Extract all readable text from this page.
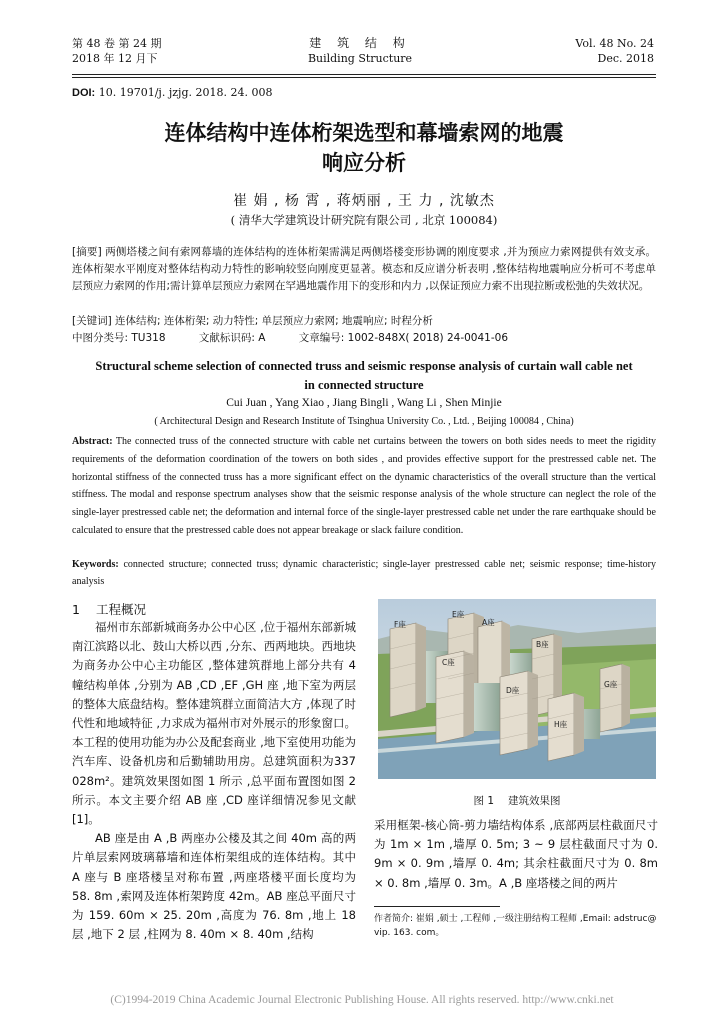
第 48 卷 第 24 期
2018 年 12 月下
建 筑 结 构
Building Structure
Vol. 48 No. 24
Dec. 2018
DOI: 10. 19701/j. jzjg. 2018. 24. 008
连体结构中连体桁架选型和幕墙索网的地震
响应分析
崔 娟 , 杨 霄 , 蒋炳丽 , 王 力 , 沈敏杰
( 清华大学建筑设计研究院有限公司 , 北京 100084)
[摘要] 两侧塔楼之间有索网幕墙的连体结构的连体桁架需满足两侧塔楼变形协调的刚度要求 ,并为预应力索网提供有效支承。连体桁架水平刚度对整体结构动力特性的影响较竖向刚度更显著。模态和反应谱分析表明 ,整体结构地震响应分析可不考虑单层预应力索网的作用;需计算单层预应力索网在罕遇地震作用下的变形和内力 ,以保证预应力索不出现拉断或松弛的失效状况。
[关键词] 连体结构; 连体桁架; 动力特性; 单层预应力索网; 地震响应; 时程分析
中图分类号: TU318	文献标识码: A	文章编号: 1002-848X( 2018) 24-0041-06
Structural scheme selection of connected truss and seismic response analysis of curtain wall cable net in connected structure
Cui Juan , Yang Xiao , Jiang Bingli , Wang Li , Shen Minjie
( Architectural Design and Research Institute of Tsinghua University Co. , Ltd. , Beijing 100084 , China)
Abstract: The connected truss of the connected structure with cable net curtains between the towers on both sides needs to meet the rigidity requirements of the deformation coordination of the towers on both sides , and provides effective support for the prestressed cable net. The horizontal stiffness of the connected truss has a more significant effect on the dynamic characteristics of the overall structure than the vertical stiffness. The modal and response spectrum analyses show that the seismic response analysis of the whole structure can neglect the role of the single-layer prestressed cable net; the deformation and internal force of the single-layer prestressed cable net under the rare earthquake should be calculated to ensure that the prestressed cable does not appear breakage or slack failure condition.
Keywords: connected structure; connected truss; dynamic characteristic; single-layer prestressed cable net; seismic response; time-history analysis
1 工程概况

福州市东部新城商务办公中心区 ,位于福州东部新城南江滨路以北、鼓山大桥以西 ,分东、西两地块。西地块为商务办公中心主功能区 ,整体建筑群地上部分共有 4 幢结构单体 ,分别为 AB ,CD ,EF ,GH 座 ,地下室为两层的整体大底盘结构。整体建筑群立面简洁大方 ,体现了时代性和地域特征 ,力求成为福州市对外展示的形象窗口。本工程的使用功能为办公及配套商业 ,地下室使用功能为汽车库、设备机房和后勤辅助用房。总建筑面积为337 028m²。建筑效果图如图 1 所示 ,总平面布置图如图 2 所示。本文主要介绍 AB 座 ,CD 座详细情况参见文献[1]。

AB 座是由 A ,B 两座办公楼及其之间 40m 高的两片单层索网玻璃幕墙和连体桁架组成的连体结构。其中 A 座与 B 座塔楼呈对称布置 ,两座塔楼平面长度均为 58. 8m ,索网及连体桁架跨度 42m。AB 座总平面尺寸为 159. 60m × 25. 20m ,高度为 76. 8m ,地上 18 层 ,地下 2 层 ,柱网为 8. 40m × 8. 40m ,结构

F座
E座
A座
B座
C座
D座
G座
H座
图 1 建筑效果图
采用框架-核心筒-剪力墙结构体系 ,底部两层柱截面尺寸为 1m × 1m ,墙厚 0. 5m; 3 ~ 9 层柱截面尺寸为 0. 9m × 0. 9m ,墙厚 0. 4m; 其余柱截面尺寸为 0. 8m × 0. 8m ,墙厚 0. 3m。A ,B 座塔楼之间的两片
作者简介: 崔娟 ,硕士 ,工程师 ,一级注册结构工程师 ,Email: adstruc@ vip. 163. com。
(C)1994-2019 China Academic Journal Electronic Publishing House. All rights reserved. http://www.cnki.net
